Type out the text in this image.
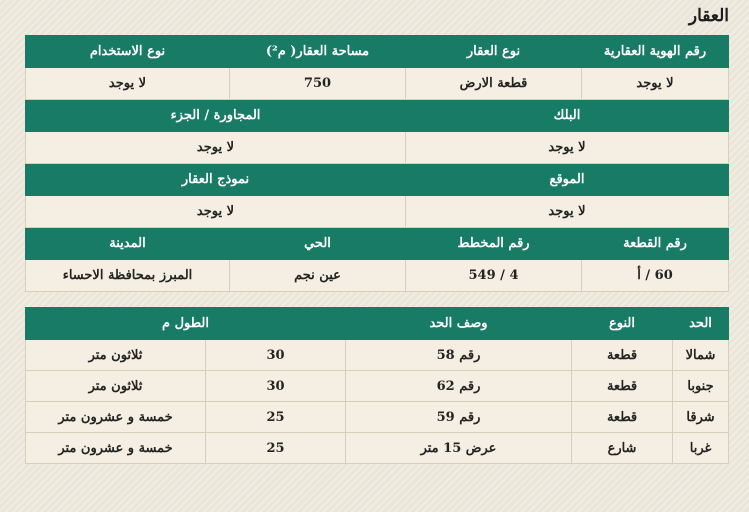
العقار
رقم الهوية العقارية	نوع العقار	مساحة العقار( م²)	نوع الاستخدام
لا يوجد	قطعة الارض	750	لا يوجد
البلك		المجاورة / الجزء	
لا يوجد		لا يوجد	
الموقع		نموذج العقار	
لا يوجد		لا يوجد	
رقم القطعة	رقم المخطط	الحي	المدينة
60 / أ	4 / 549	عين نجم	المبرز بمحافظة الاحساء
الحد	النوع	وصف الحد	الطول م	
شمالا	قطعة	رقم 58	30	ثلاثون متر
جنوبا	قطعة	رقم 62	30	ثلاثون متر
شرقا	قطعة	رقم 59	25	خمسة و عشرون متر
غربا	شارع	عرض 15 متر	25	خمسة و عشرون متر
